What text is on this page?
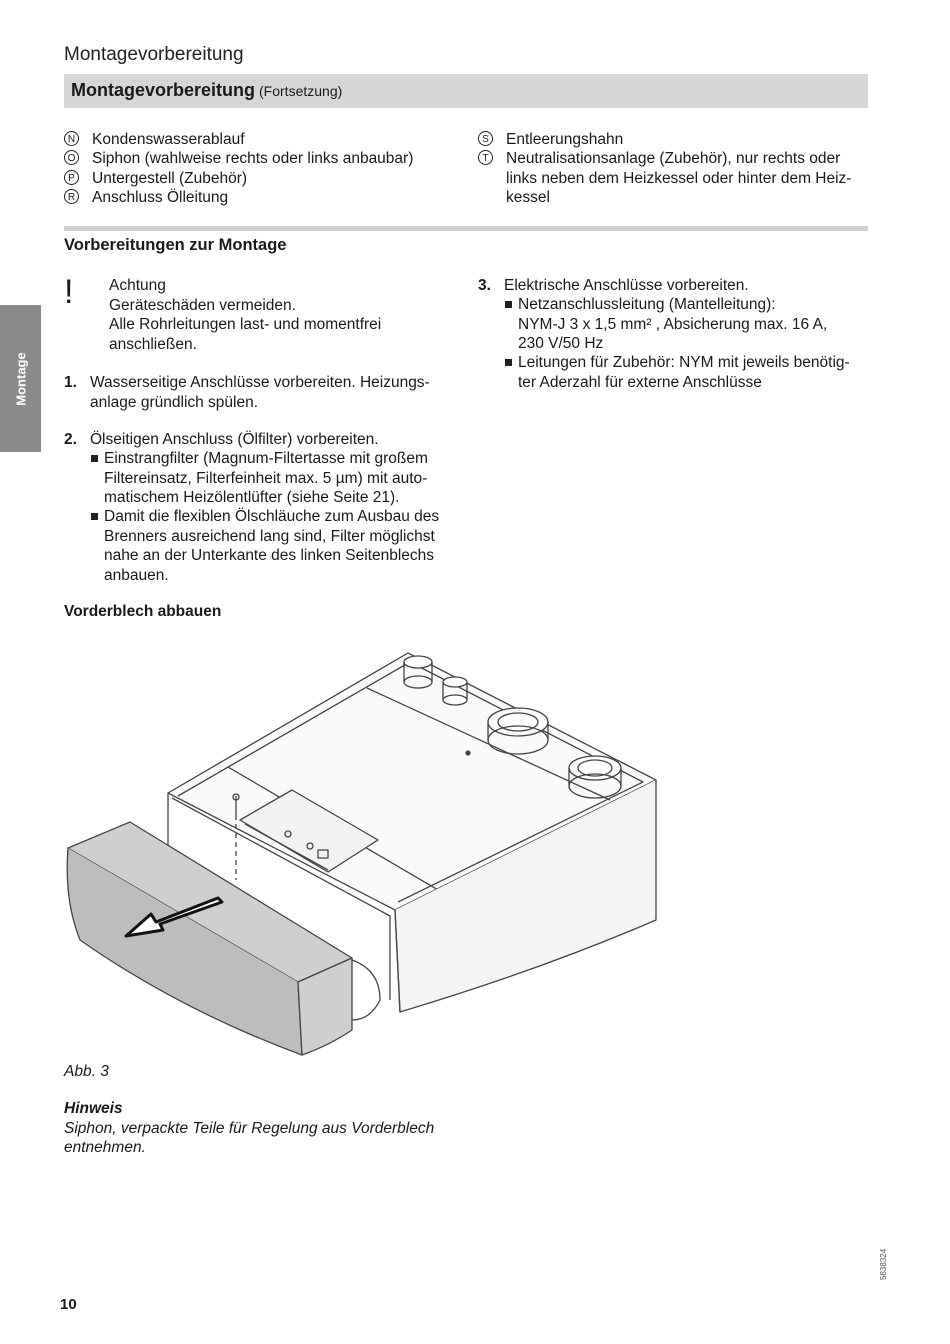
Montagevorbereitung
Montagevorbereitung (Fortsetzung)
Montage
N Kondenswasserablauf
O Siphon (wahlweise rechts oder links anbaubar)
P Untergestell (Zubehör)
R Anschluss Ölleitung
S Entleerungshahn
T Neutralisationsanlage (Zubehör), nur rechts oder
links neben dem Heizkessel oder hinter dem Heiz-
kessel
Vorbereitungen zur Montage
! Achtung
Geräteschäden vermeiden.
Alle Rohrleitungen last- und momentfrei
anschließen.
1. Wasserseitige Anschlüsse vorbereiten. Heizungs-
anlage gründlich spülen.
2. Ölseitigen Anschluss (Ölfilter) vorbereiten.
Einstrangfilter (Magnum-Filtertasse mit großem
Filtereinsatz, Filterfeinheit max. 5 µm) mit auto-
matischem Heizölentlüfter (siehe Seite 21).
Damit die flexiblen Ölschläuche zum Ausbau des
Brenners ausreichend lang sind, Filter möglichst
nahe an der Unterkante des linken Seitenblechs
anbauen.
3. Elektrische Anschlüsse vorbereiten.
Netzanschlussleitung (Mantelleitung):
NYM-J 3 x 1,5 mm² , Absicherung max. 16 A,
230 V/50 Hz
Leitungen für Zubehör: NYM mit jeweils benötig-
ter Aderzahl für externe Anschlüsse
Vorderblech abbauen
Abb. 3
Hinweis
Siphon, verpackte Teile für Regelung aus Vorderblech
entnehmen.
10
5838324
